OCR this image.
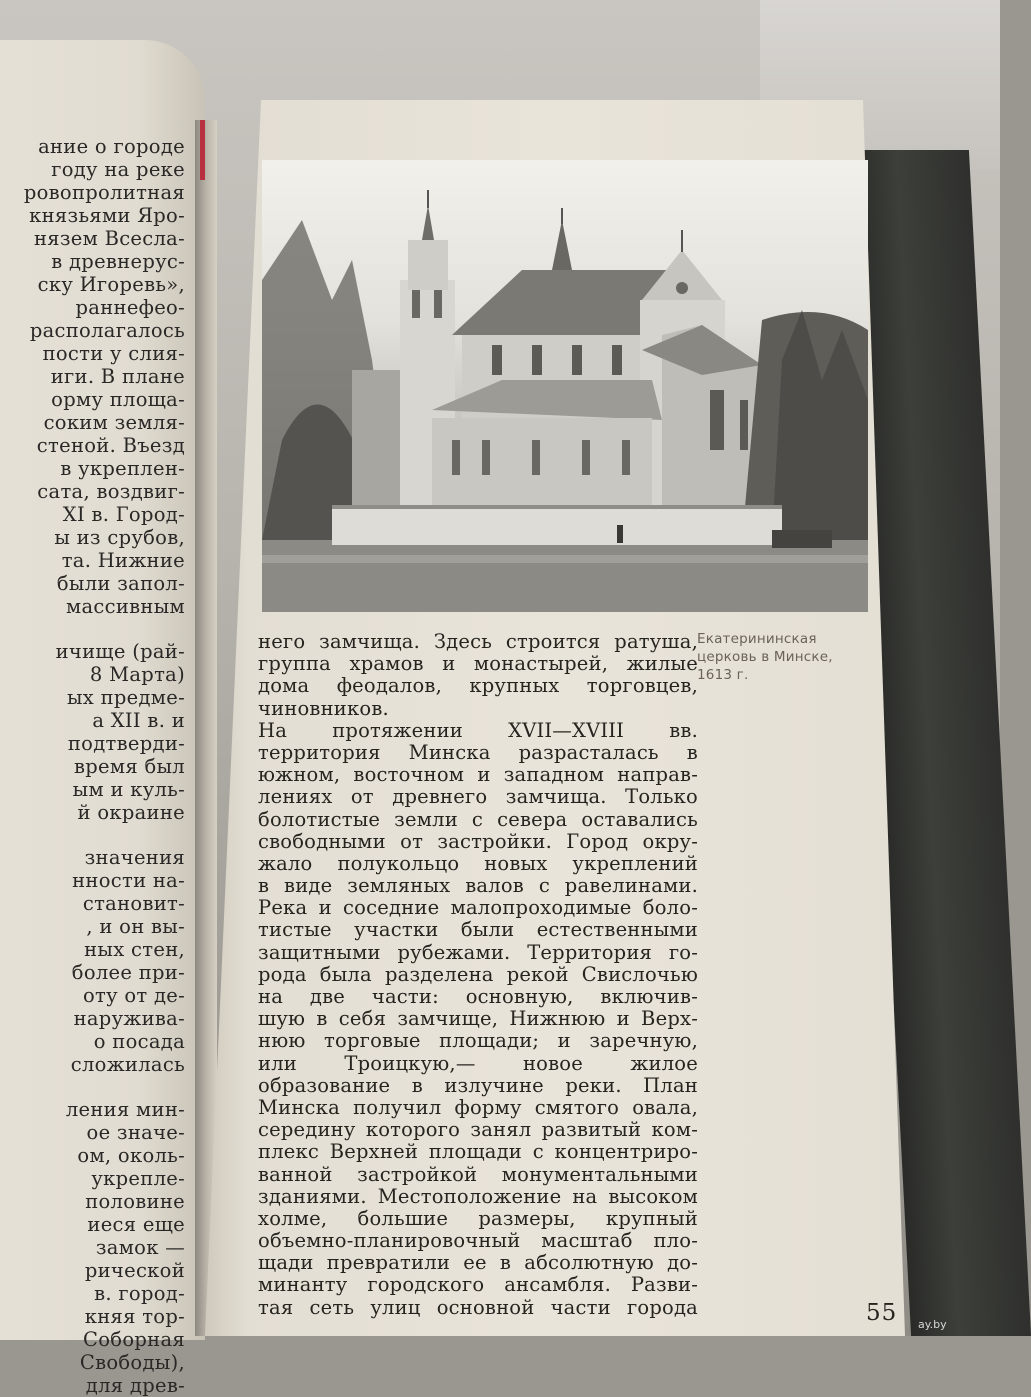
ание о городе
году на реке
ровопролитная
князьями Яро-
нязем Всесла-
в древнерус-
ску Игоревь»,
раннефео-
располагалось
пости у слия-
иги. В плане
орму площа-
соким земля-
стеной. Въезд
в укреплен-
сата, воздвиг-
XI в. Город-
ы из срубов,
та. Нижние
были запол-
массивным
ичище (рай-
8 Марта)
ых предме-
а XII в. и
подтверди-
время был
ым и куль-
й окраине
значения
нности на-
становит-
, и он вы-
ных стен,
более при-
оту от де-
наружива-
о посада
сложилась
ления мин-
ое значе-
ом, околь-
укрепле-
половине
иеся еще
замок —
рической
в. город-
княя тор-
Соборная
Свободы),
для древ-
Екатерининская
церковь в Минске,
1613 г.
него замчища. Здесь строится ратуша,
группа храмов и монастырей, жилые
дома феодалов, крупных торговцев,
чиновников.
На протяжении XVII—XVIII вв.
территория Минска разрасталась в
южном, восточном и западном направ-
лениях от древнего замчища. Только
болотистые земли с севера оставались
свободными от застройки. Город окру-
жало полукольцо новых укреплений
в виде земляных валов с равелинами.
Река и соседние малопроходимые боло-
тистые участки были естественными
защитными рубежами. Территория го-
рода была разделена рекой Свислочью
на две части: основную, включив-
шую в себя замчище, Нижнюю и Верх-
нюю торговые площади; и заречную,
или Троицкую,— новое жилое
образование в излучине реки. План
Минска получил форму смятого овала,
середину которого занял развитый ком-
плекс Верхней площади с концентриро-
ванной застройкой монументальными
зданиями. Местоположение на высоком
холме, большие размеры, крупный
объемно-планировочный масштаб пло-
щади превратили ее в абсолютную до-
минанту городского ансамбля. Разви-
тая сеть улиц основной части города	55 ay.by
